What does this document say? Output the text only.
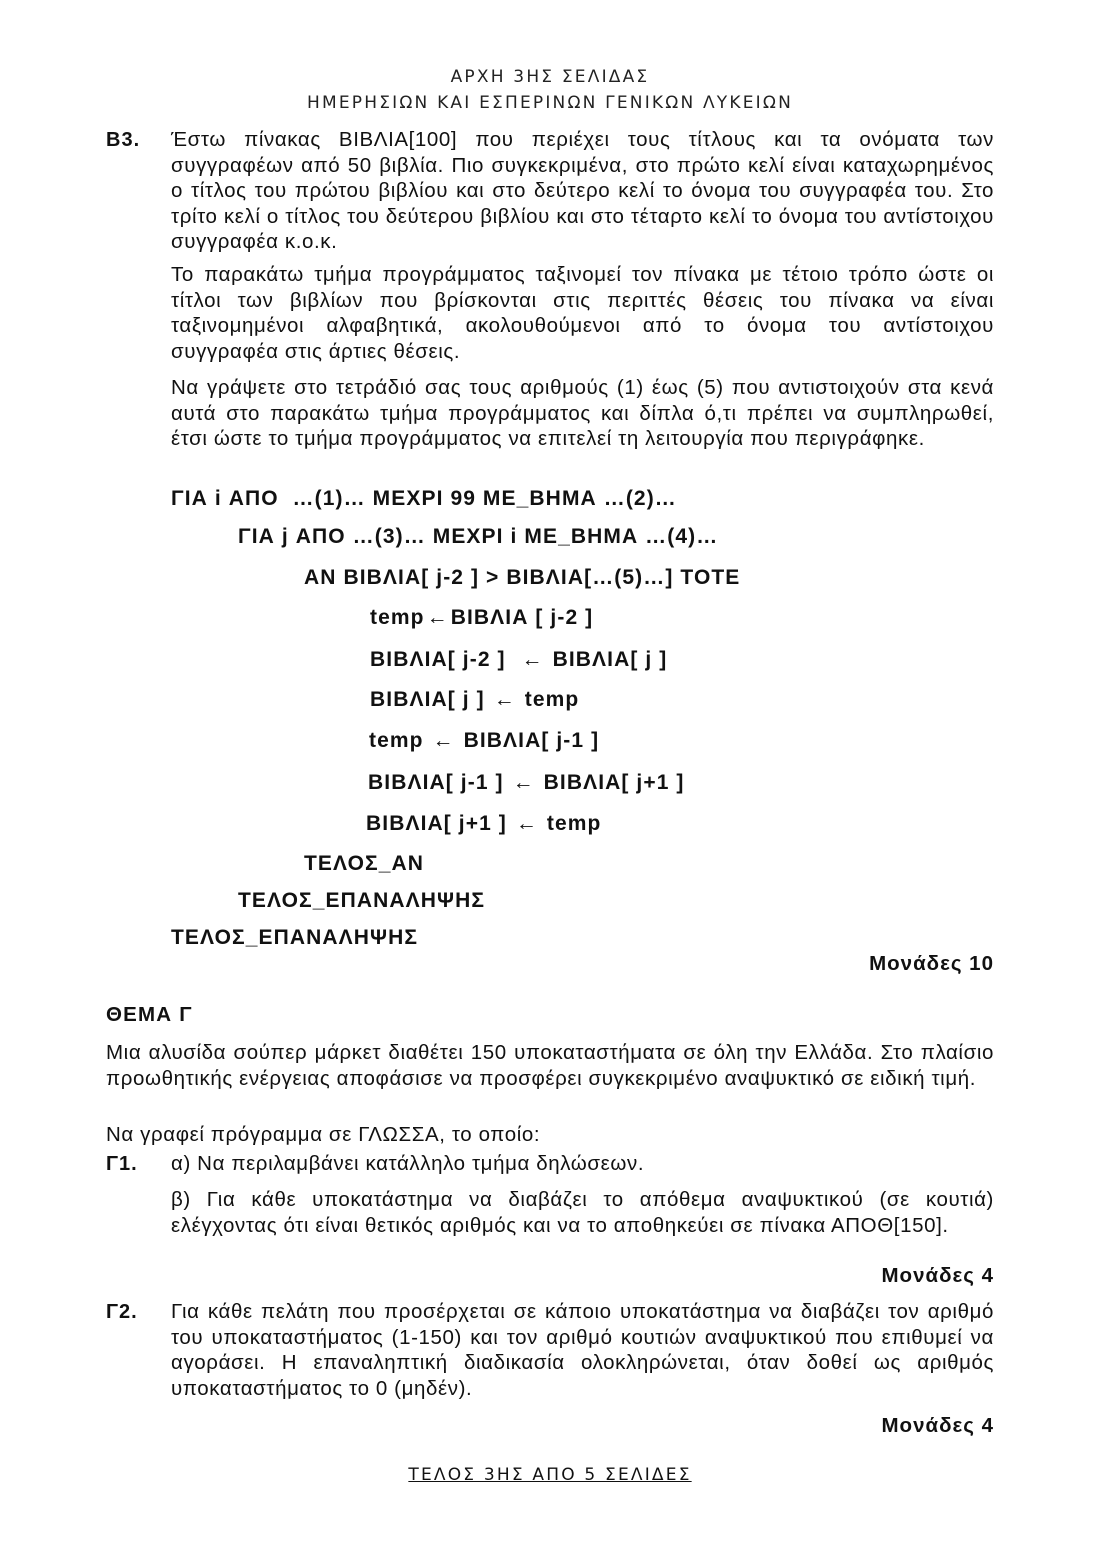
ΑΡΧΗ 3ΗΣ ΣΕΛΙΔΑΣ
ΗΜΕΡΗΣΙΩΝ ΚΑΙ ΕΣΠΕΡΙΝΩΝ ΓΕΝΙΚΩΝ ΛΥΚΕΙΩΝ
Β3. Έστω πίνακας ΒΙΒΛΙΑ[100] που περιέχει τους τίτλους και τα ονόματα των συγγραφέων από 50 βιβλία. Πιο συγκεκριμένα, στο πρώτο κελί είναι καταχωρημένος ο τίτλος του πρώτου βιβλίου και στο δεύτερο κελί το όνομα του συγγραφέα του. Στο τρίτο κελί ο τίτλος του δεύτερου βιβλίου και στο τέταρτο κελί το όνομα του αντίστοιχου συγγραφέα κ.ο.κ.

Το παρακάτω τμήμα προγράμματος ταξινομεί τον πίνακα με τέτοιο τρόπο ώστε οι τίτλοι των βιβλίων που βρίσκονται στις περιττές θέσεις του πίνακα να είναι ταξινομημένοι αλφαβητικά, ακολουθούμενοι από το όνομα του αντίστοιχου συγγραφέα στις άρτιες θέσεις.

Να γράψετε στο τετράδιό σας τους αριθμούς (1) έως (5) που αντιστοιχούν στα κενά αυτά στο παρακάτω τμήμα προγράμματος και δίπλα ό,τι πρέπει να συμπληρωθεί, έτσι ώστε το τμήμα προγράμματος να επιτελεί τη λειτουργία που περιγράφηκε.

ΓΙΑ i ΑΠΟ  …(1)… ΜΕΧΡΙ 99 ΜΕ_ΒΗΜΑ …(2)…
ΓΙΑ j ΑΠΟ …(3)… ΜΕΧΡΙ i ΜΕ_ΒΗΜΑ …(4)…
ΑΝ ΒΙΒΛΙΑ[ j-2 ] > ΒΙΒΛΙΑ[…(5)…] ΤΟΤΕ
temp←ΒΙΒΛΙΑ [ j-2 ]
ΒΙΒΛΙΑ[ j-2 ]  ← ΒΙΒΛΙΑ[ j ]
ΒΙΒΛΙΑ[ j ] ← temp
temp ← ΒΙΒΛΙΑ[ j-1 ]
ΒΙΒΛΙΑ[ j-1 ] ← ΒΙΒΛΙΑ[ j+1 ]
ΒΙΒΛΙΑ[ j+1 ] ← temp
ΤΕΛΟΣ_ΑΝ
ΤΕΛΟΣ_ΕΠΑΝΑΛΗΨΗΣ
ΤΕΛΟΣ_ΕΠΑΝΑΛΗΨΗΣ
Μονάδες 10
ΘΕΜΑ Γ

Μια αλυσίδα σούπερ μάρκετ διαθέτει 150 υποκαταστήματα σε όλη την Ελλάδα. Στο πλαίσιο προωθητικής ενέργειας αποφάσισε να προσφέρει συγκεκριμένο αναψυκτικό σε ειδική τιμή.

Να γραφεί πρόγραμμα σε ΓΛΩΣΣΑ, το οποίο:

Γ1. α) Να περιλαμβάνει κατάλληλο τμήμα δηλώσεων.

β) Για κάθε υποκατάστημα να διαβάζει το απόθεμα αναψυκτικού (σε κουτιά) ελέγχοντας ότι είναι θετικός αριθμός και να το αποθηκεύει σε πίνακα ΑΠΟΘ[150].

Μονάδες 4
Γ2. Για κάθε πελάτη που προσέρχεται σε κάποιο υποκατάστημα να διαβάζει τον αριθμό του υποκαταστήματος (1-150) και τον αριθμό κουτιών αναψυκτικού που επιθυμεί να αγοράσει. Η επαναληπτική διαδικασία ολοκληρώνεται, όταν δοθεί ως αριθμός υποκαταστήματος το 0 (μηδέν).

Μονάδες 4
ΤΕΛΟΣ 3ΗΣ ΑΠΟ 5 ΣΕΛΙΔΕΣ
